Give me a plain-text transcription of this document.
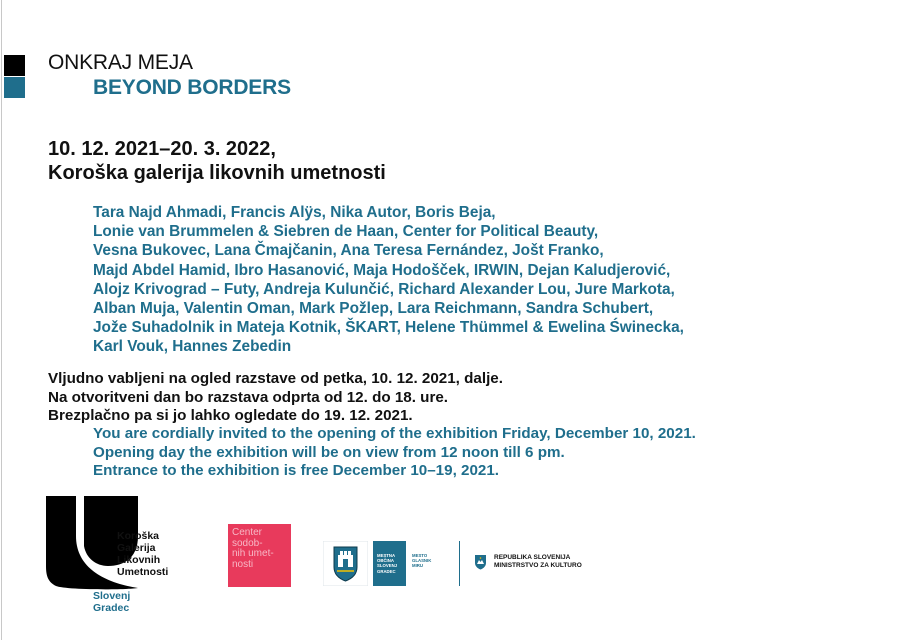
ONKRAJ MEJA
BEYOND BORDERS
10. 12. 2021–20. 3. 2022,
Koroška galerija likovnih umetnosti
Tara Najd Ahmadi, Francis Alÿs, Nika Autor, Boris Beja,
Lonie van Brummelen & Siebren de Haan, Center for Political Beauty,
Vesna Bukovec, Lana Čmajčanin, Ana Teresa Fernández, Jošt Franko,
Majd Abdel Hamid, Ibro Hasanović, Maja Hodošček, IRWIN, Dejan Kaludjerović,
Alojz Krivograd – Futy, Andreja Kulunčić, Richard Alexander Lou, Jure Markota,
Alban Muja, Valentin Oman, Mark Požlep, Lara Reichmann, Sandra Schubert,
Jože Suhadolnik in Mateja Kotnik, ŠKART, Helene Thümmel & Ewelina Świnecka,
Karl Vouk, Hannes Zebedin
Vljudno vabljeni na ogled razstave od petka, 10. 12. 2021, dalje.
Na otvoritveni dan bo razstava odprta od 12. do 18. ure.
Brezplačno pa si jo lahko ogledate do 19. 12. 2021.
You are cordially invited to the opening of the exhibition Friday, December 10, 2021.
Opening day the exhibition will be on view from 12 noon till 6 pm.
Entrance to the exhibition is free December 10–19, 2021.
Koroška
Galerija
Likovnih
Umetnosti
Slovenj
Gradec
Center
sodob-
nih umet-
nosti
MESTNA
OBČINA
SLOVENJ
GRADEC
MESTO
GLASNIK
MIRU
REPUBLIKA SLOVENIJA
MINISTRSTVO ZA KULTURO
